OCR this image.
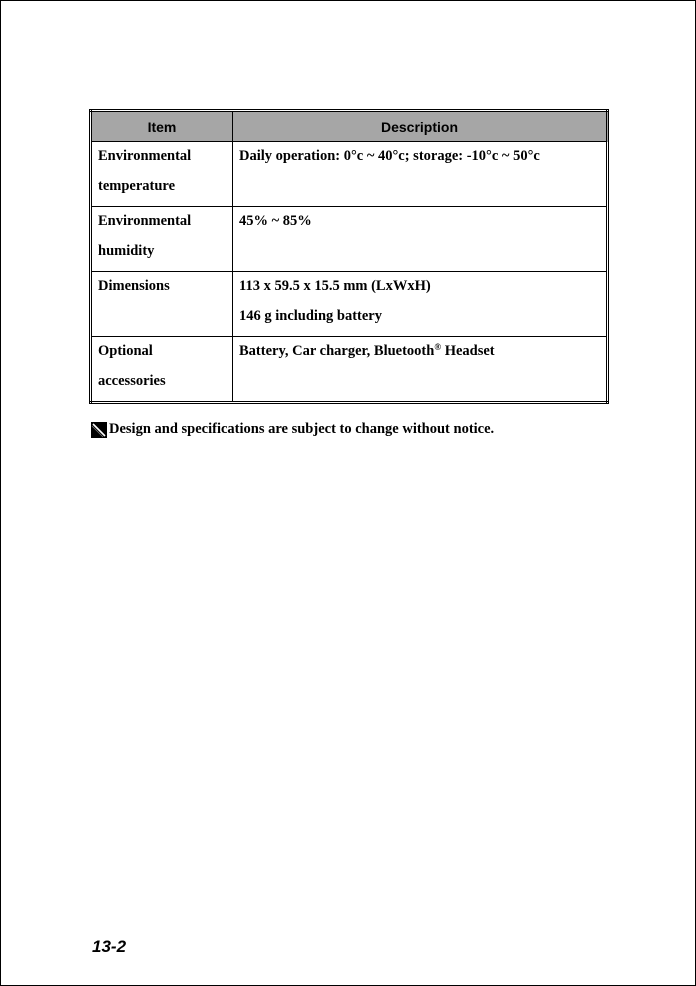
Item	Description

Environmental
temperature	Daily operation: 0°c ~ 40°c; storage: -10°c ~ 50°c

Environmental
humidity	45% ~ 85%

Dimensions	113 x 59.5 x 15.5 mm (LxWxH)
146 g including battery

Optional
accessories	Battery, Car charger, Bluetooth® Headset
Design and specifications are subject to change without notice.
13-2
